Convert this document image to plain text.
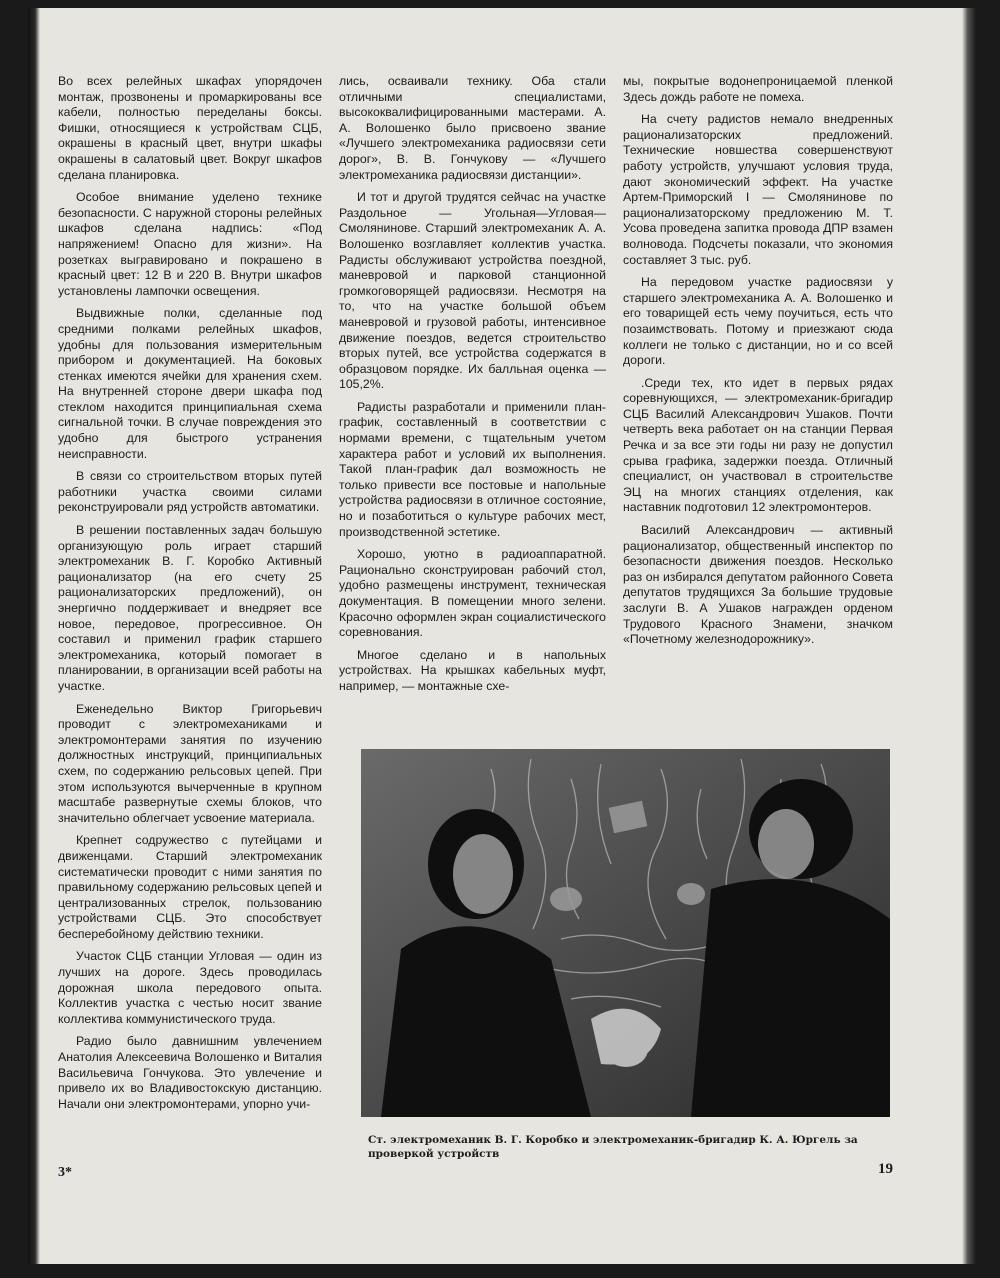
Во всех релейных шкафах упорядочен монтаж, прозвонены и промаркированы все кабели, полностью переделаны боксы. Фишки, относящиеся к устройствам СЦБ, окрашены в красный цвет, внутри шкафы окрашены в салатовый цвет. Вокруг шкафов сделана планировка.

Особое внимание уделено технике безопасности. С наружной стороны релейных шкафов сделана надпись: «Под напряжением! Опасно для жизни». На розетках выгравировано и покрашено в красный цвет: 12 В и 220 В. Внутри шкафов установлены лампочки освещения.

Выдвижные полки, сделанные под средними полками релейных шкафов, удобны для пользования измерительным прибором и документацией. На боковых стенках имеются ячейки для хранения схем. На внутренней стороне двери шкафа под стеклом находится принципиальная схема сигнальной точки. В случае повреждения это удобно для быстрого устранения неисправности.

В связи со строительством вторых путей работники участка своими силами реконструировали ряд устройств автоматики.

В решении поставленных задач большую организующую роль играет старший электромеханик В. Г. Коробко Активный рационализатор (на его счету 25 рационализаторских предложений), он энергично поддерживает и внедряет все новое, передовое, прогрессивное. Он составил и применил график старшего электромеханика, который помогает в планировании, в организации всей работы на участке.

Еженедельно Виктор Григорьевич проводит с электромеханиками и электромонтерами занятия по изучению должностных инструкций, принципиальных схем, по содержанию рельсовых цепей. При этом используются вычерченные в крупном масштабе развернутые схемы блоков, что значительно облегчает усвоение материала.

Крепнет содружество с путейцами и движенцами. Старший электромеханик систематически проводит с ними занятия по правильному содержанию рельсовых цепей и централизованных стрелок, пользованию устройствами СЦБ. Это способствует бесперебойному действию техники.

Участок СЦБ станции Угловая — один из лучших на дороге. Здесь проводилась дорожная школа передового опыта. Коллектив участка с честью носит звание коллектива коммунистического труда.

Радио было давнишним увлечением Анатолия Алексеевича Волошенко и Виталия Васильевича Гончукова. Это увлечение и привело их во Владивостокскую дистанцию. Начали они электромонтерами, упорно учи-

лись, осваивали технику. Оба стали отличными специалистами, высококвалифицированными мастерами. А. А. Волошенко было присвоено звание «Лучшего электромеханика радиосвязи сети дорог», В. В. Гончукову — «Лучшего электромеханика радиосвязи дистанции».

И тот и другой трудятся сейчас на участке Раздольное — Угольная—Угловая—Смолянинове. Старший электромеханик А. А. Волошенко возглавляет коллектив участка. Радисты обслуживают устройства поездной, маневровой и парковой станционной громкоговорящей радиосвязи. Несмотря на то, что на участке большой объем маневровой и грузовой работы, интенсивное движение поездов, ведется строительство вторых путей, все устройства содержатся в образцовом порядке. Их балльная оценка — 105,2%.

Радисты разработали и применили план-график, составленный в соответствии с нормами времени, с тщательным учетом характера работ и условий их выполнения. Такой план-график дал возможность не только привести все постовые и напольные устройства радиосвязи в отличное состояние, но и позаботиться о культуре рабочих мест, производственной эстетике.

Хорошо, уютно в радиоаппаратной. Рационально сконструирован рабочий стол, удобно размещены инструмент, техническая документация. В помещении много зелени. Красочно оформлен экран социалистического соревнования.

Многое сделано и в напольных устройствах. На крышках кабельных муфт, например, — монтажные схе-

мы, покрытые водонепроницаемой пленкой Здесь дождь работе не помеха.

На счету радистов немало внедренных рационализаторских предложений. Технические новшества совершенствуют работу устройств, улучшают условия труда, дают экономический эффект. На участке Артем-Приморский I — Смолянинове по рационализаторскому предложению М. Т. Усова проведена запитка провода ДПР взамен волновода. Подсчеты показали, что экономия составляет 3 тыс. руб.

На передовом участке радиосвязи у старшего электромеханика А. А. Волошенко и его товарищей есть чему поучиться, есть что позаимствовать. Потому и приезжают сюда коллеги не только с дистанции, но и со всей дороги.

.Среди тех, кто идет в первых рядах соревнующихся, — электромеханик-бригадир СЦБ Василий Александрович Ушаков. Почти четверть века работает он на станции Первая Речка и за все эти годы ни разу не допустил срыва графика, задержки поезда. Отличный специалист, он участвовал в строительстве ЭЦ на многих станциях отделения, как наставник подготовил 12 электромонтеров.

Василий Александрович — активный рационализатор, общественный инспектор по безопасности движения поездов. Несколько раз он избирался депутатом районного Совета депутатов трудящихся За большие трудовые заслуги В. А Ушаков награжден орденом Трудового Красного Знамени, значком «Почетному железнодорожнику».

Ст. электромеханик В. Г. Коробко и электромеханик-бригадир К. А. Юргель за проверкой устройств
3*	19
